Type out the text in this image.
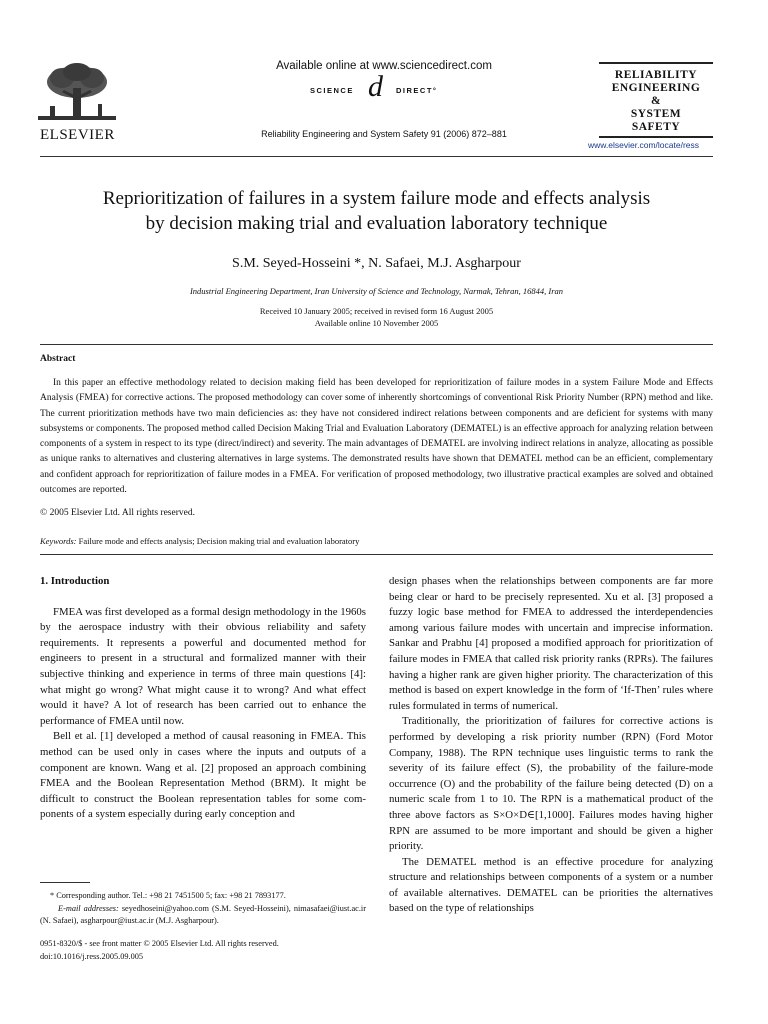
ELSEVIER
Available online at www.sciencedirect.com
SCIENCE d DIRECT°
Reliability Engineering and System Safety 91 (2006) 872–881
RELIABILITY
ENGINEERING
&
SYSTEM
SAFETY
www.elsevier.com/locate/ress
Reprioritization of failures in a system failure mode and effects analysis
by decision making trial and evaluation laboratory technique
S.M. Seyed-Hosseini *, N. Safaei, M.J. Asgharpour
Industrial Engineering Department, Iran University of Science and Technology, Narmak, Tehran, 16844, Iran
Received 10 January 2005; received in revised form 16 August 2005
Available online 10 November 2005
Abstract
In this paper an effective methodology related to decision making field has been developed for reprioritization of failure modes in a system Failure Mode and Effects Analysis (FMEA) for corrective actions. The proposed methodology can cover some of inherently shortcomings of conventional Risk Priority Number (RPN) method and like. The current prioritization methods have two main deficiencies as: they have not considered indirect relations between components and are deficient for systems with many subsystems or components. The proposed method called Decision Making Trial and Evaluation Laboratory (DEMATEL) is an effective approach for analyzing relation between components of a system in respect to its type (direct/indirect) and severity. The main advantages of DEMATEL are involving indirect relations in analyze, allocating as possible as unique ranks to alternatives and clustering alternatives in large systems. The demonstrated results have shown that DEMATEL method can be an efficient, complementary and confident approach for reprioritization of failure modes in a FMEA. For verification of proposed methodology, two illustrative practical examples are solved and obtained outcomes are reported.
© 2005 Elsevier Ltd. All rights reserved.
Keywords: Failure mode and effects analysis; Decision making trial and evaluation laboratory

1. Introduction

FMEA was first developed as a formal design methodology in the 1960s by the aerospace industry with their obvious reliability and safety requirements. It represents a powerful and documented method for engineers to present in a structural and formalized manner with their subjective thinking and experience in terms of three main questions [4]: what might go wrong? What might cause it to wrong? And what effect would it have? A lot of research has been carried out to enhance the performance of FMEA until now.

Bell et al. [1] developed a method of causal reasoning in FMEA. This method can be used only in cases where the inputs and outputs of a component are known. Wang et al. [2] proposed an approach combining FMEA and the Boolean Representation Method (BRM). It might be difficult to construct the Boolean representation tables for some components of a system especially during early conception and

design phases when the relationships between components are far more being clear or hard to be precisely represented. Xu et al. [3] proposed a fuzzy logic base method for FMEA to addressed the interdependencies among various failure modes with uncertain and imprecise information. Sankar and Prabhu [4] proposed a modified approach for prioritization of failure modes in FMEA that called risk priority ranks (RPRs). The failures having a higher rank are given higher priority. The characterization of this method is based on expert knowledge in the form of ‘If-Then’ rules where rules formulated in terms of numerical.

Traditionally, the prioritization of failures for corrective actions is performed by developing a risk priority number (RPN) (Ford Motor Company, 1988). The RPN technique uses linguistic terms to rank the severity of its failure effect (S), the probability of the failure-mode occurrence (O) and the probability of the failure being detected (D) on a numeric scale from 1 to 10. The RPN is a mathematical product of the three above factors as S×O×D∈[1,1000]. Failures modes having higher RPN are assumed to be more important and should be given a higher priority.

The DEMATEL method is an effective procedure for analyzing structure and relationships between components of a system or a number of available alternatives. DEMATEL can be priorities the alternatives based on the type of relationships

* Corresponding author. Tel.: +98 21 7451500 5; fax: +98 21 7893177.
E-mail addresses: seyedhoseini@yahoo.com (S.M. Seyed-Hosseini), nimasafaei@iust.ac.ir (N. Safaei), asgharpour@iust.ac.ir (M.J. Asgharpour).
0951-8320/$ - see front matter © 2005 Elsevier Ltd. All rights reserved.
doi:10.1016/j.ress.2005.09.005
